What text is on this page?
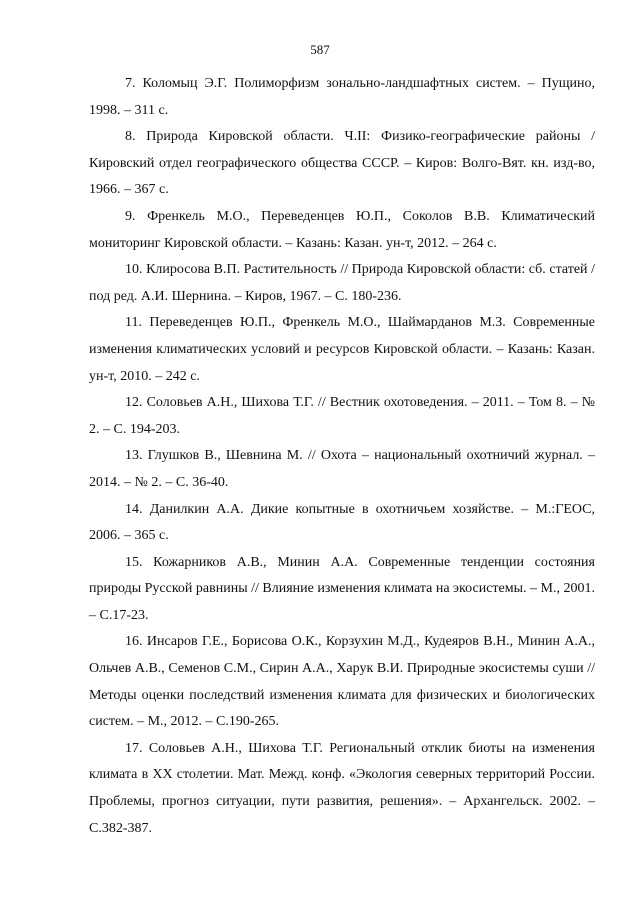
587
7. Коломыц Э.Г. Полиморфизм зонально-ландшафтных систем. – Пущино, 1998. – 311 с.
8. Природа Кировской области. Ч.II: Физико-географические районы / Кировский отдел географического общества СССР. – Киров: Волго-Вят. кн. изд-во, 1966. – 367 с.
9. Френкель М.О., Переведенцев Ю.П., Соколов В.В. Климатический мониторинг Кировской области. – Казань: Казан. ун-т, 2012. – 264 с.
10. Клиросова В.П. Растительность // Природа Кировской области: сб. статей / под ред. А.И. Шернина. – Киров, 1967. – С. 180-236.
11. Переведенцев Ю.П., Френкель М.О., Шаймарданов М.З. Современные изменения климатических условий и ресурсов Кировской области. – Казань: Казан. ун-т, 2010. – 242 с.
12. Соловьев А.Н., Шихова Т.Г. // Вестник охотоведения. – 2011. – Том 8. – № 2. – С. 194-203.
13. Глушков В., Шевнина М. // Охота – национальный охотничий журнал. – 2014. – № 2. – С. 36-40.
14. Данилкин А.А. Дикие копытные в охотничьем хозяйстве. – М.:ГЕОС, 2006. – 365 с.
15. Кожарников А.В., Минин А.А. Современные тенденции состояния природы Русской равнины // Влияние изменения климата на экосистемы. – М., 2001. – С.17-23.
16. Инсаров Г.Е., Борисова О.К., Корзухин М.Д., Кудеяров В.Н., Минин А.А., Ольчев А.В., Семенов С.М., Сирин А.А., Харук В.И. Природные экосистемы суши // Методы оценки последствий изменения климата для физических и биологических систем. – М., 2012. – С.190-265.
17. Соловьев А.Н., Шихова Т.Г. Региональный отклик биоты на изменения климата в XX столетии. Мат. Межд. конф. «Экология северных территорий России. Проблемы, прогноз ситуации, пути развития, решения». – Архангельск. 2002. – С.382-387.
